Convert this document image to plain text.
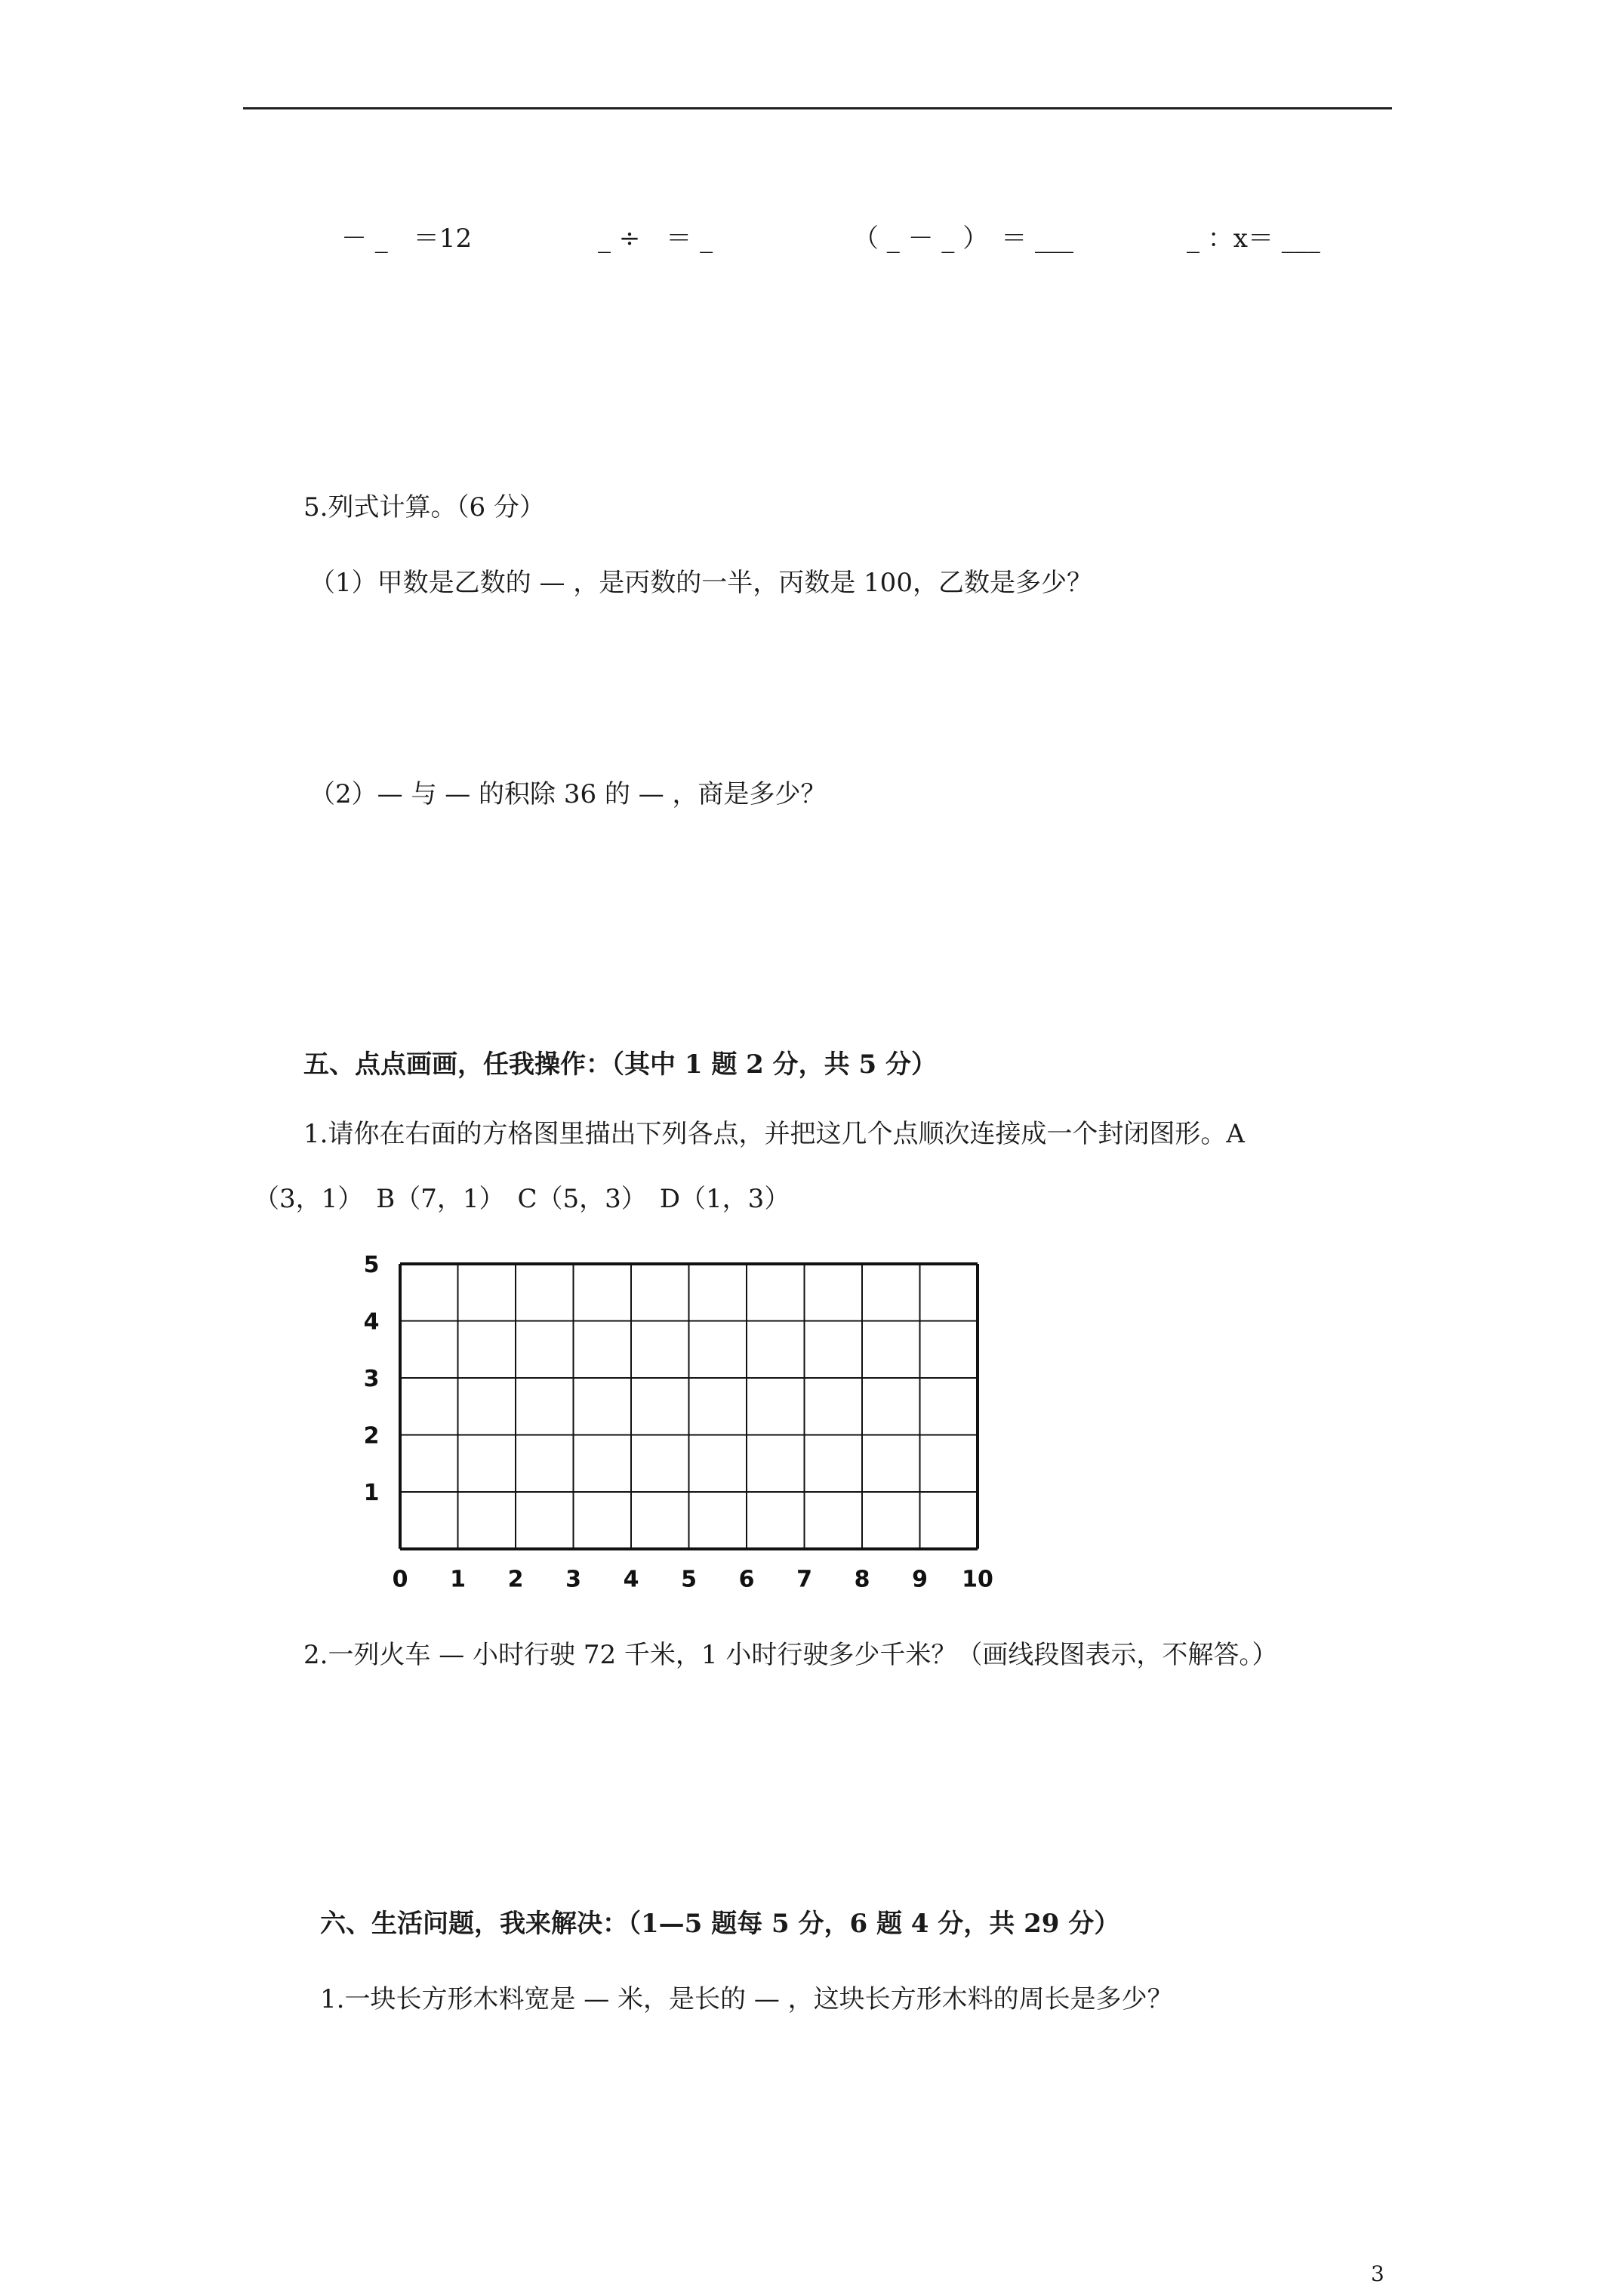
－ _　＝12	_ ÷　＝ _	（ _ － _ ）　＝ ___	_ ：x＝ ___
5.列式计算。（6 分）
（1）甲数是乙数的 — ，是丙数的一半，丙数是 100，乙数是多少？
（2）— 与 — 的积除 36 的 — ，商是多少？
五、点点画画，任我操作：（其中 1 题 2 分，共 5 分）
1.请你在右面的方格图里描出下列各点，并把这几个点顺次连接成一个封闭图形。A
（3，1）　B（7，1）　C（5，3）　D（1，3）
0 1 2 3 4 5 6 7 8 9 10
1
2
3
4
5
2.一列火车 — 小时行驶 72 千米，1 小时行驶多少千米？（画线段图表示，不解答。）
六、生活问题，我来解决：（1—5 题每 5 分，6 题 4 分，共 29 分）
1.一块长方形木料宽是 — 米，是长的 — ，这块长方形木料的周长是多少？
3
